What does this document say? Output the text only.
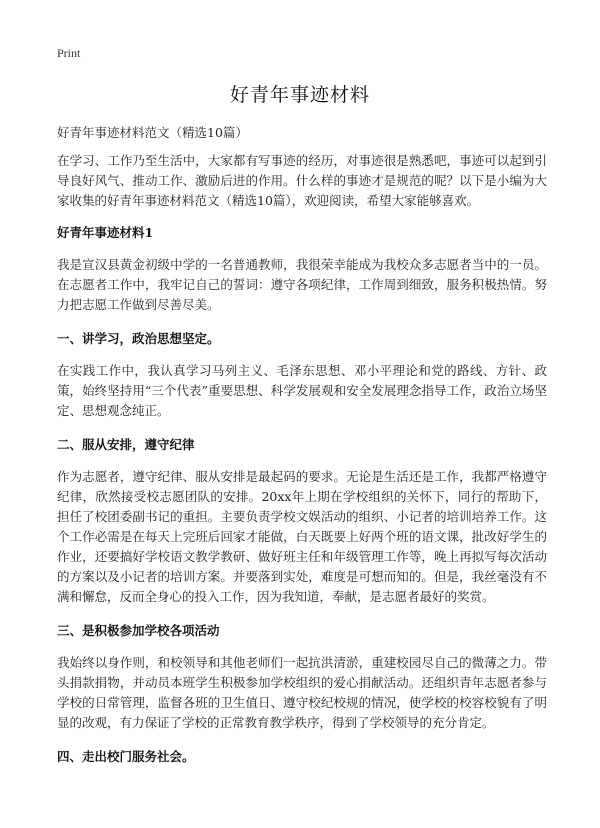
Print
好青年事迹材料

好青年事迹材料范文（精选10篇）

在学习、工作乃至生活中，大家都有写事迹的经历，对事迹很是熟悉吧，事迹可以起到引导良好风气、推动工作、激励后进的作用。什么样的事迹才是规范的呢？以下是小编为大家收集的好青年事迹材料范文（精选10篇），欢迎阅读，希望大家能够喜欢。

好青年事迹材料1

我是宣汉县黄金初级中学的一名普通教师，我很荣幸能成为我校众多志愿者当中的一员。在志愿者工作中，我牢记自己的誓词：遵守各项纪律，工作周到细致，服务积极热情。努力把志愿工作做到尽善尽美。

一、讲学习，政治思想坚定。

在实践工作中，我认真学习马列主义、毛泽东思想、邓小平理论和党的路线、方针、政策，始终坚持用“三个代表”重要思想、科学发展观和安全发展理念指导工作，政治立场坚定、思想观念纯正。

二、服从安排，遵守纪律

作为志愿者，遵守纪律、服从安排是最起码的要求。无论是生活还是工作，我都严格遵守纪律，欣然接受校志愿团队的安排。20xx年上期在学校组织的关怀下，同行的帮助下，担任了校团委副书记的重担。主要负责学校文娱活动的组织、小记者的培训培养工作。这个工作必需是在每天上完班后回家才能做，白天既要上好两个班的语文课，批改好学生的作业，还要搞好学校语文教学教研、做好班主任和年级管理工作等，晚上再拟写每次活动的方案以及小记者的培训方案。并要落到实处，难度是可想而知的。但是，我丝毫没有不满和懈怠，反而全身心的投入工作，因为我知道，奉献，是志愿者最好的奖赏。

三、是积极参加学校各项活动

我始终以身作则，和校领导和其他老师们一起抗洪清淤，重建校园尽自己的微薄之力。带头捐款捐物，并动员本班学生积极参加学校组织的爱心捐献活动。还组织青年志愿者参与学校的日常管理，监督各班的卫生值日、遵守校纪校规的情况，使学校的校容校貌有了明显的改观，有力保证了学校的正常教育教学秩序，得到了学校领导的充分肯定。

四、走出校门服务社会。
